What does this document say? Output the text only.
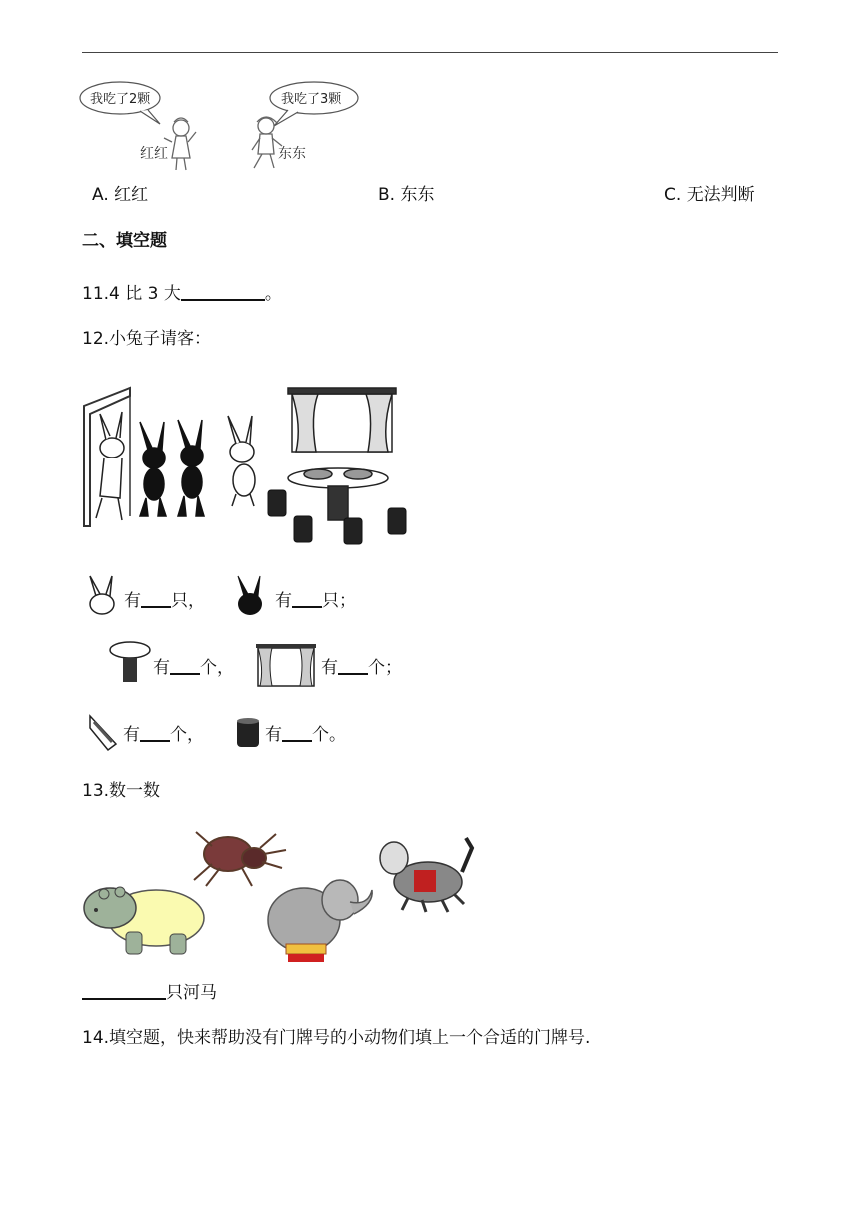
我吃了2颗
红红
我吃了3颗
东东
A. 红红	B. 东东	C. 无法判断
二、填空题
11.4 比 3 大	。
12.小兔子请客：
有 只，	有 只；
有 个，	有 个；
有 个，	有 个。
13.数一数
只河马
14.填空题，快来帮助没有门牌号的小动物们填上一个合适的门牌号.
